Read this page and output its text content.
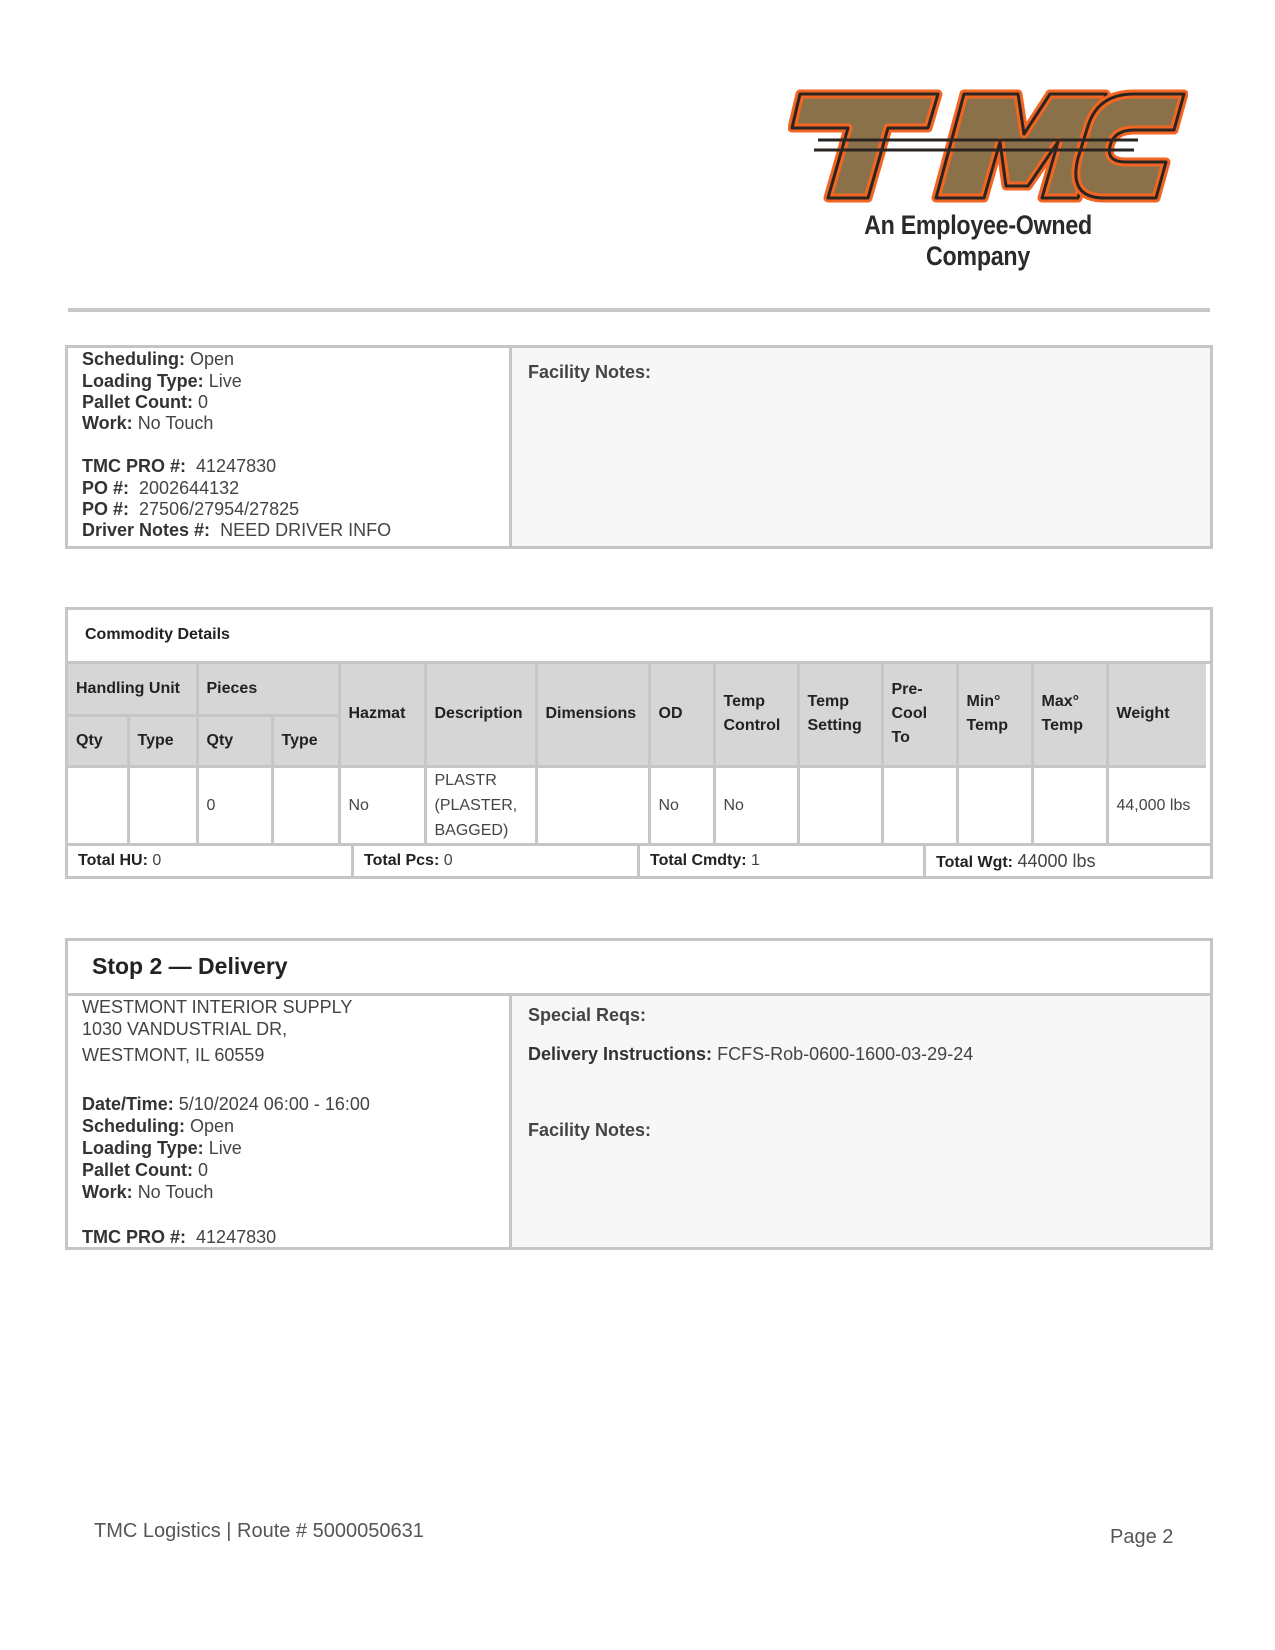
An Employee-Owned Company
Scheduling: Open
Loading Type: Live
Pallet Count: 0
Work: No Touch
TMC PRO #: 41247830
PO #: 2002644132
PO #: 27506/27954/27825
Driver Notes #: NEED DRIVER INFO
Facility Notes:
Commodity Details
Handling Unit		Pieces		Hazmat	Description	Dimensions	OD	Temp Control	Temp Setting	Pre-Cool To	Min° Temp	Max° Temp	Weight
Qty	Type	Qty	Type										
		0		No	PLASTR (PLASTER, BAGGED)		No	No					44,000 lbs
Total HU: 0	Total Pcs: 0	Total Cmdty: 1	Total Wgt: 44000 lbs
Stop 2 — Delivery
WESTMONT INTERIOR SUPPLY
1030 VANDUSTRIAL DR,
WESTMONT, IL 60559
Date/Time: 5/10/2024 06:00 - 16:00
Scheduling: Open
Loading Type: Live
Pallet Count: 0
Work: No Touch
TMC PRO #: 41247830
Special Reqs:
Delivery Instructions: FCFS-Rob-0600-1600-03-29-24
Facility Notes:
TMC Logistics | Route # 5000050631	Page 2
